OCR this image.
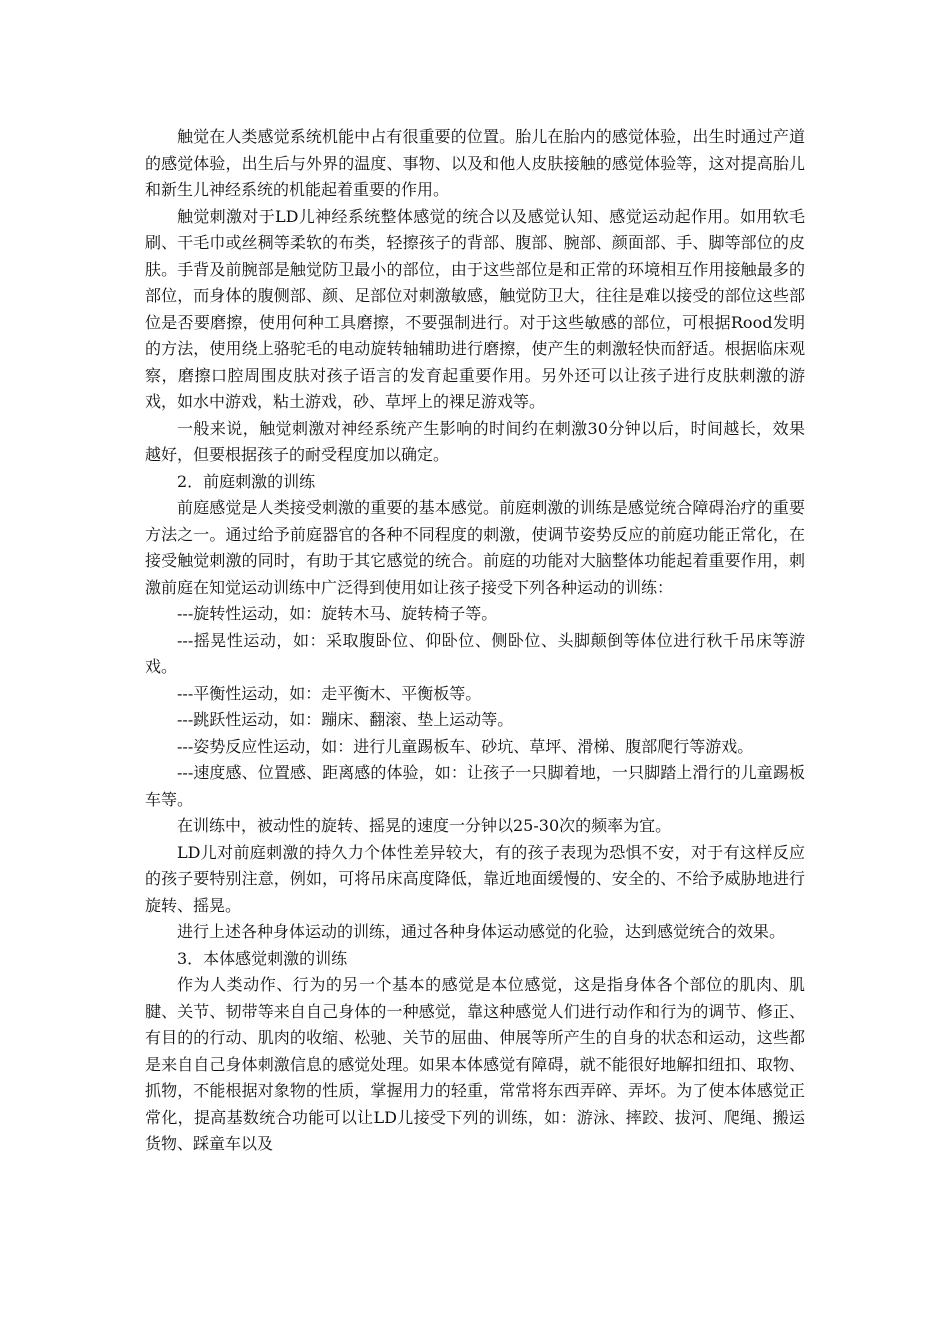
触觉在人类感觉系统机能中占有很重要的位置。胎儿在胎内的感觉体验，出生时通过产道的感觉体验，出生后与外界的温度、事物、以及和他人皮肤接触的感觉体验等，这对提高胎儿和新生儿神经系统的机能起着重要的作用。

触觉刺激对于LD儿神经系统整体感觉的统合以及感觉认知、感觉运动起作用。如用软毛刷、干毛巾或丝稠等柔软的布类，轻擦孩子的背部、腹部、腕部、颜面部、手、脚等部位的皮肤。手背及前腕部是触觉防卫最小的部位，由于这些部位是和正常的环境相互作用接触最多的部位，而身体的腹侧部、颜、足部位对刺激敏感，触觉防卫大，往往是难以接受的部位这些部位是否要磨擦，使用何种工具磨擦，不要强制进行。对于这些敏感的部位，可根据Rood发明的方法，使用绕上骆驼毛的电动旋转轴辅助进行磨擦，使产生的刺激轻快而舒适。根据临床观察，磨擦口腔周围皮肤对孩子语言的发育起重要作用。另外还可以让孩子进行皮肤刺激的游戏，如水中游戏，粘土游戏，砂、草坪上的裸足游戏等。

一般来说，触觉刺激对神经系统产生影响的时间约在刺激30分钟以后，时间越长，效果越好，但要根据孩子的耐受程度加以确定。

2．前庭刺激的训练

前庭感觉是人类接受刺激的重要的基本感觉。前庭刺激的训练是感觉统合障碍治疗的重要方法之一。通过给予前庭器官的各种不同程度的刺激，使调节姿势反应的前庭功能正常化，在接受触觉刺激的同时，有助于其它感觉的统合。前庭的功能对大脑整体功能起着重要作用，刺激前庭在知觉运动训练中广泛得到使用如让孩子接受下列各种运动的训练：

---旋转性运动，如：旋转木马、旋转椅子等。

---摇晃性运动，如：采取腹卧位、仰卧位、侧卧位、头脚颠倒等体位进行秋千吊床等游戏。

---平衡性运动，如：走平衡木、平衡板等。

---跳跃性运动，如：蹦床、翻滚、垫上运动等。

---姿势反应性运动，如：进行儿童踢板车、砂坑、草坪、滑梯、腹部爬行等游戏。

---速度感、位置感、距离感的体验，如：让孩子一只脚着地，一只脚踏上滑行的儿童踢板车等。

在训练中，被动性的旋转、摇晃的速度一分钟以25-30次的频率为宜。

LD儿对前庭刺激的持久力个体性差异较大，有的孩子表现为恐惧不安，对于有这样反应的孩子要特别注意，例如，可将吊床高度降低，靠近地面缓慢的、安全的、不给予威胁地进行旋转、摇晃。

进行上述各种身体运动的训练，通过各种身体运动感觉的化验，达到感觉统合的效果。

3．本体感觉刺激的训练

作为人类动作、行为的另一个基本的感觉是本位感觉，这是指身体各个部位的肌肉、肌腱、关节、韧带等来自自己身体的一种感觉，靠这种感觉人们进行动作和行为的调节、修正、有目的的行动、肌肉的收缩、松驰、关节的屈曲、伸展等所产生的自身的状态和运动，这些都是来自自己身体刺激信息的感觉处理。如果本体感觉有障碍，就不能很好地解扣纽扣、取物、抓物，不能根据对象物的性质，掌握用力的轻重，常常将东西弄碎、弄坏。为了使本体感觉正常化，提高基数统合功能可以让LD儿接受下列的训练，如：游泳、摔跤、拔河、爬绳、搬运货物、踩童车以及
